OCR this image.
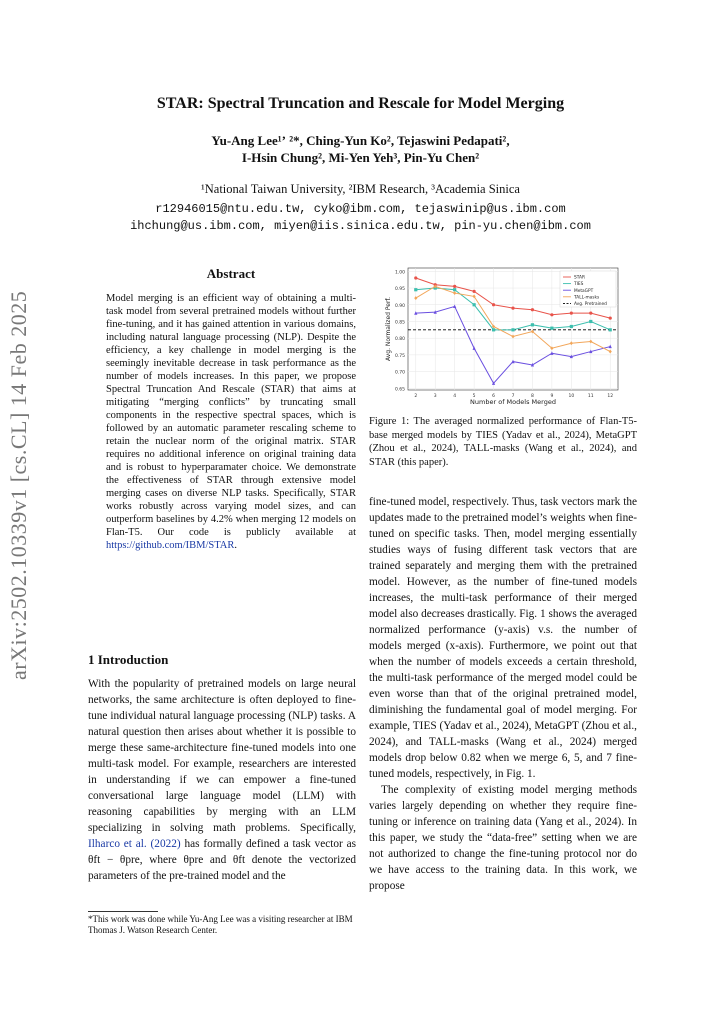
STAR: Spectral Truncation and Rescale for Model Merging
Yu-Ang Lee¹ʼ ²*, Ching-Yun Ko², Tejaswini Pedapati²,
I-Hsin Chung², Mi-Yen Yeh³, Pin-Yu Chen²
¹National Taiwan University, ²IBM Research, ³Academia Sinica
r12946015@ntu.edu.tw, cyko@ibm.com, tejaswinip@us.ibm.com
ihchung@us.ibm.com, miyen@iis.sinica.edu.tw, pin-yu.chen@ibm.com
arXiv:2502.10339v1 [cs.CL] 14 Feb 2025
Abstract
Model merging is an efficient way of obtaining a multi-task model from several pretrained models without further fine-tuning, and it has gained attention in various domains, including natural language processing (NLP). Despite the efficiency, a key challenge in model merging is the seemingly inevitable decrease in task performance as the number of models increases. In this paper, we propose Spectral Truncation And Rescale (STAR) that aims at mitigating “merging conflicts” by truncating small components in the respective spectral spaces, which is followed by an automatic parameter rescaling scheme to retain the nuclear norm of the original matrix. STAR requires no additional inference on original training data and is robust to hyperparamater choice. We demonstrate the effectiveness of STAR through extensive model merging cases on diverse NLP tasks. Specifically, STAR works robustly across varying model sizes, and can outperform baselines by 4.2% when merging 12 models on Flan-T5. Our code is publicly available at https://github.com/IBM/STAR.
1 Introduction
With the popularity of pretrained models on large neural networks, the same architecture is often deployed to fine-tune individual natural language processing (NLP) tasks. A natural question then arises about whether it is possible to merge these same-architecture fine-tuned models into one multi-task model. For example, researchers are interested in understanding if we can empower a fine-tuned conversational large language model (LLM) with reasoning capabilities by merging with an LLM specializing in solving math problems. Specifically, Ilharco et al. (2022) has formally defined a task vector as θft − θpre, where θpre and θft denote the vectorized parameters of the pre-trained model and the
*This work was done while Yu-Ang Lee was a visiting researcher at IBM Thomas J. Watson Research Center.
0.65
0.70
0.75
0.80
0.85
0.90
0.95
1.00
2	3	4	5	6	7	8	9	10	11	12
Number of Models Merged
Avg. Normalized Perf.
STAR
TIES
MetaGPT
TALL-masks
Avg. Pretrained
Figure 1: The averaged normalized performance of Flan-T5-base merged models by TIES (Yadav et al., 2024), MetaGPT (Zhou et al., 2024), TALL-masks (Wang et al., 2024), and STAR (this paper).

fine-tuned model, respectively. Thus, task vectors mark the updates made to the pretrained model’s weights when fine-tuned on specific tasks. Then, model merging essentially studies ways of fusing different task vectors that are trained separately and merging them with the pretrained model. However, as the number of fine-tuned models increases, the multi-task performance of their merged model also decreases drastically. Fig. 1 shows the averaged normalized performance (y-axis) v.s. the number of models merged (x-axis). Furthermore, we point out that when the number of models exceeds a certain threshold, the multi-task performance of the merged model could be even worse than that of the original pretrained model, diminishing the fundamental goal of model merging. For example, TIES (Yadav et al., 2024), MetaGPT (Zhou et al., 2024), and TALL-masks (Wang et al., 2024) merged models drop below 0.82 when we merge 6, 5, and 7 fine-tuned models, respectively, in Fig. 1.

The complexity of existing model merging methods varies largely depending on whether they require fine-tuning or inference on training data (Yang et al., 2024). In this paper, we study the “data-free” setting when we are not authorized to change the fine-tuning protocol nor do we have access to the training data. In this work, we propose
